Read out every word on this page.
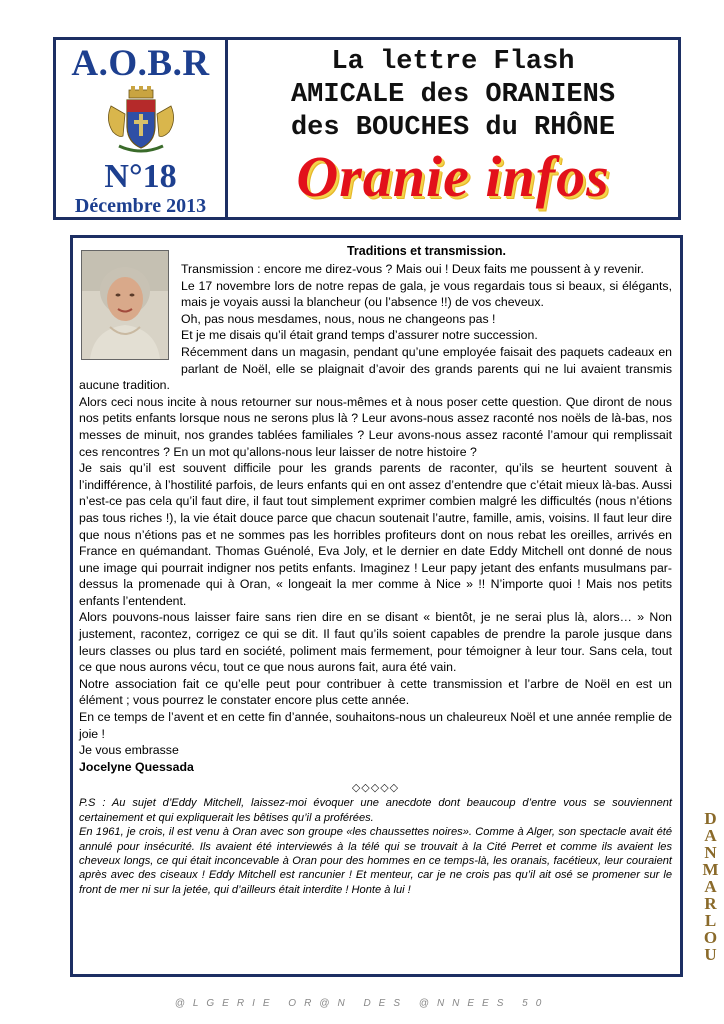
A.O.B.R
N°18
Décembre 2013
La lettre Flash
AMICALE des ORANIENS
des BOUCHES du RHÔNE
Oranie infos
Traditions et transmission.

Transmission : encore me direz-vous ? Mais oui ! Deux faits me poussent à y revenir.

Le 17 novembre lors de notre repas de gala, je vous regardais tous si beaux, si élégants, mais je voyais aussi la blancheur (ou l’absence !!) de vos cheveux.

Oh, pas nous mesdames, nous, nous ne changeons pas !

Et je me disais qu’il était grand temps d’assurer notre succession.

Récemment dans un magasin, pendant qu’une employée faisait des paquets cadeaux en parlant de Noël, elle se plaignait d’avoir des grands parents qui ne lui avaient transmis aucune tradition.

Alors ceci nous incite à nous retourner sur nous-mêmes et à nous poser cette question. Que diront de nous nos petits enfants lorsque nous ne serons plus là ? Leur avons-nous assez raconté nos noëls de là-bas, nos messes de minuit, nos grandes tablées familiales ? Leur avons-nous assez raconté l’amour qui remplissait ces rencontres ? En un mot qu’allons-nous leur laisser de notre histoire ?

Je sais qu’il est souvent difficile pour les grands parents de raconter, qu’ils se heurtent souvent à l’indifférence, à l’hostilité parfois, de leurs enfants qui en ont assez d’entendre que c’était mieux là-bas. Aussi n’est-ce pas cela qu’il faut dire, il faut tout simplement exprimer combien malgré les difficultés (nous n’étions pas tous riches !), la vie était douce parce que chacun soutenait l’autre, famille, amis, voisins. Il faut leur dire que nous n’étions pas et ne sommes pas les horribles profiteurs dont on nous rebat les oreilles, arrivés en France en quémandant. Thomas Guénolé, Eva Joly, et le dernier en date Eddy Mitchell ont donné de nous une image qui pourrait indigner nos petits enfants. Imaginez ! Leur papy jetant des enfants musulmans par-dessus la promenade qui à Oran, « longeait la mer comme à Nice » !! N’importe quoi ! Mais nos petits enfants l’entendent.

Alors pouvons-nous laisser faire sans rien dire en se disant « bientôt, je ne serai plus là, alors… » Non justement, racontez, corrigez ce qui se dit. Il faut qu’ils soient capables de prendre la parole jusque dans leurs classes ou plus tard en société, poliment mais fermement, pour témoigner à leur tour. Sans cela, tout ce que nous aurons vécu, tout ce que nous aurons fait, aura été vain.

Notre association fait ce qu’elle peut pour contribuer à cette transmission et l’arbre de Noël en est un élément ; vous pourrez le constater encore plus cette année.

En ce temps de l’avent et en cette fin d’année, souhaitons-nous un chaleureux Noël et une année remplie de joie !

Je vous embrasse

Jocelyne Quessada

◇◇◇◇◇

P.S : Au sujet d’Eddy Mitchell, laissez-moi évoquer une anecdote dont beaucoup d’entre vous se souviennent certainement et qui expliquerait les bêtises qu’il a proférées.

En 1961, je crois, il est venu à Oran avec son groupe «les chaussettes noires». Comme à Alger, son spectacle avait été annulé pour insécurité. Ils avaient été interviewés à la télé qui se trouvait à la Cité Perret et comme ils avaient les cheveux longs, ce qui était inconcevable à Oran pour des hommes en ce temps-là, les oranais, facétieux, leur couraient après avec des ciseaux ! Eddy Mitchell est rancunier ! Et menteur, car je ne crois pas qu’il ait osé se promener sur le front de mer ni sur la jetée, qui d’ailleurs était interdite ! Honte à lui !	DANMARLOU
@LGERIE OR@N DES @NNEES 50
